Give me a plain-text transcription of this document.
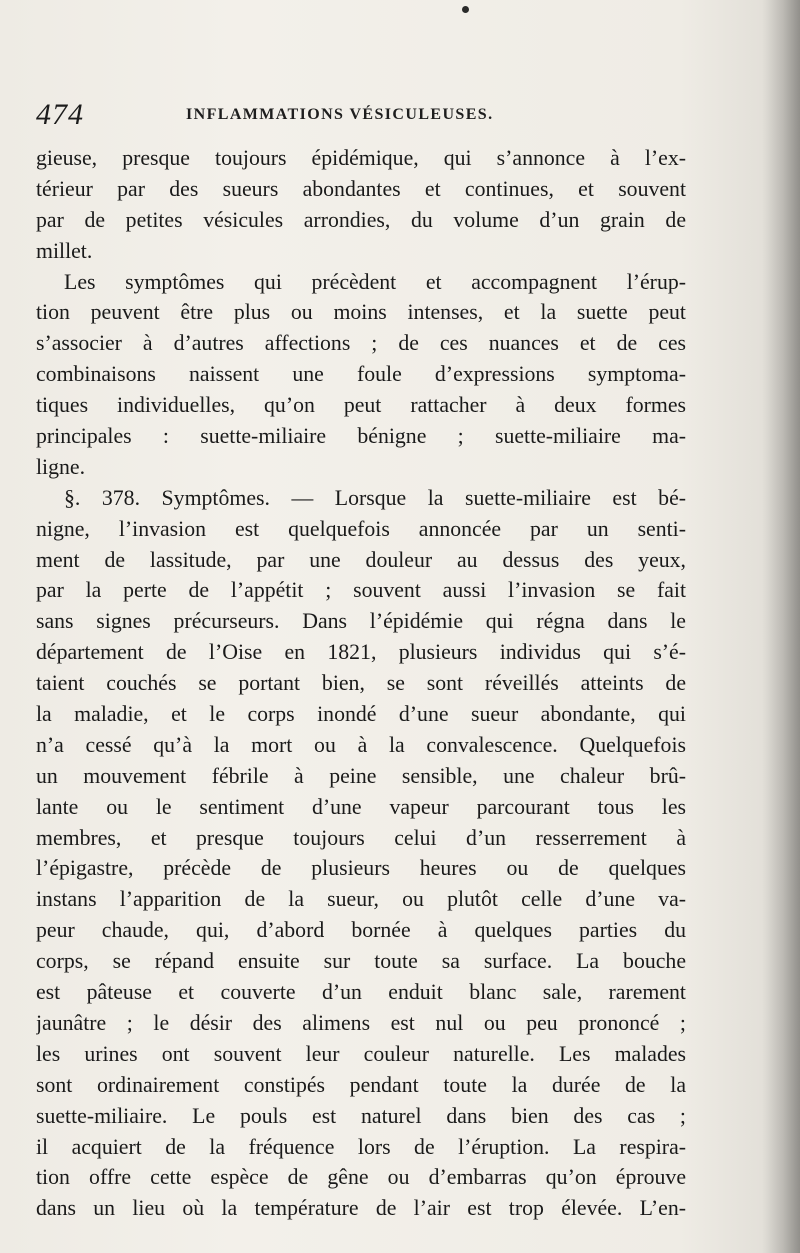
474	INFLAMMATIONS VÉSICULEUSES.
gieuse, presque toujours épidémique, qui s’annonce à l’ex-
térieur par des sueurs abondantes et continues, et souvent
par de petites vésicules arrondies, du volume d’un grain de
millet.
Les symptômes qui précèdent et accompagnent l’érup-
tion peuvent être plus ou moins intenses, et la suette peut
s’associer à d’autres affections ; de ces nuances et de ces
combinaisons naissent une foule d’expressions symptoma-
tiques individuelles, qu’on peut rattacher à deux formes
principales : suette-miliaire bénigne ; suette-miliaire ma-
ligne.
§. 378. Symptômes. — Lorsque la suette-miliaire est bé-
nigne, l’invasion est quelquefois annoncée par un senti-
ment de lassitude, par une douleur au dessus des yeux,
par la perte de l’appétit ; souvent aussi l’invasion se fait
sans signes précurseurs. Dans l’épidémie qui régna dans le
département de l’Oise en 1821, plusieurs individus qui s’é-
taient couchés se portant bien, se sont réveillés atteints de
la maladie, et le corps inondé d’une sueur abondante, qui
n’a cessé qu’à la mort ou à la convalescence. Quelquefois
un mouvement fébrile à peine sensible, une chaleur brû-
lante ou le sentiment d’une vapeur parcourant tous les
membres, et presque toujours celui d’un resserrement à
l’épigastre, précède de plusieurs heures ou de quelques
instans l’apparition de la sueur, ou plutôt celle d’une va-
peur chaude, qui, d’abord bornée à quelques parties du
corps, se répand ensuite sur toute sa surface. La bouche
est pâteuse et couverte d’un enduit blanc sale, rarement
jaunâtre ; le désir des alimens est nul ou peu prononcé ;
les urines ont souvent leur couleur naturelle. Les malades
sont ordinairement constipés pendant toute la durée de la
suette-miliaire. Le pouls est naturel dans bien des cas ;
il acquiert de la fréquence lors de l’éruption. La respira-
tion offre cette espèce de gêne ou d’embarras qu’on éprouve
dans un lieu où la température de l’air est trop élevée. L’en-
